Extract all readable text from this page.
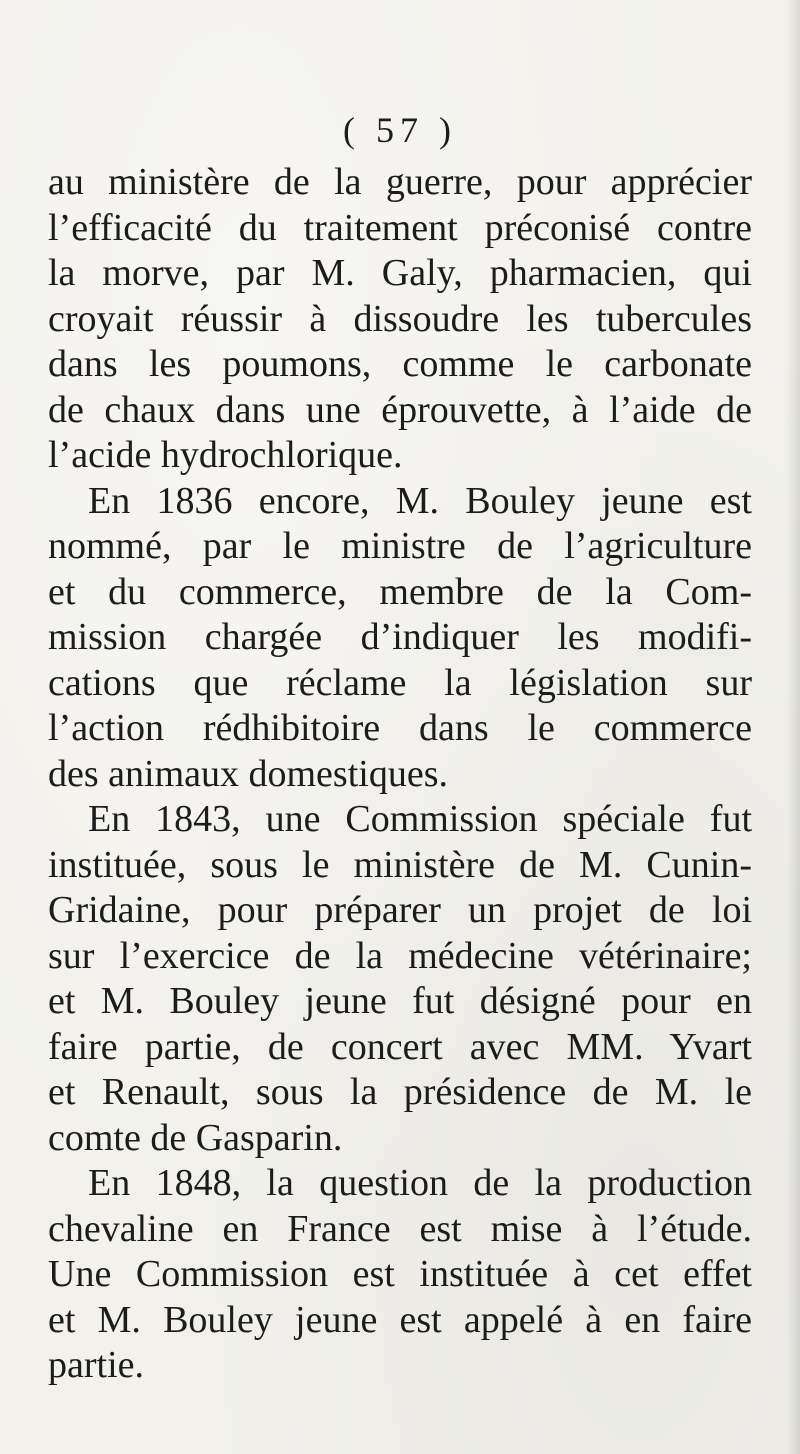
( 57 )
au ministère de la guerre, pour apprécier
l’efficacité du traitement préconisé contre
la morve, par M. Galy, pharmacien, qui
croyait réussir à dissoudre les tubercules
dans les poumons, comme le carbonate
de chaux dans une éprouvette, à l’aide de
l’acide hydrochlorique.
En 1836 encore, M. Bouley jeune est
nommé, par le ministre de l’agriculture
et du commerce, membre de la Com-
mission chargée d’indiquer les modifi-
cations que réclame la législation sur
l’action rédhibitoire dans le commerce
des animaux domestiques.
En 1843, une Commission spéciale fut
instituée, sous le ministère de M. Cunin-
Gridaine, pour préparer un projet de loi
sur l’exercice de la médecine vétérinaire;
et M. Bouley jeune fut désigné pour en
faire partie, de concert avec MM. Yvart
et Renault, sous la présidence de M. le
comte de Gasparin.
En 1848, la question de la production
chevaline en France est mise à l’étude.
Une Commission est instituée à cet effet
et M. Bouley jeune est appelé à en faire
partie.
